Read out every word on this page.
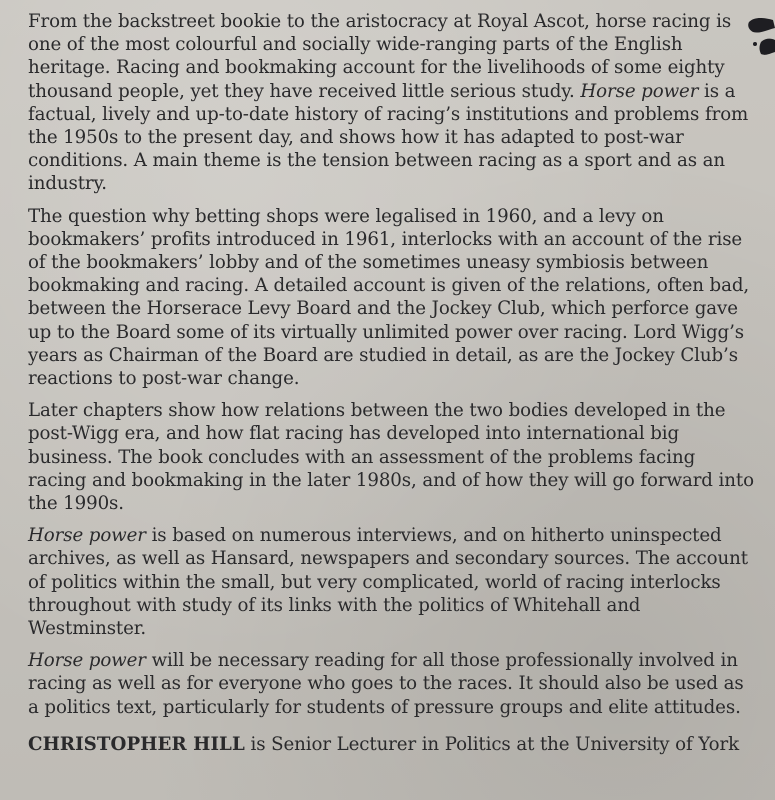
From the backstreet bookie to the aristocracy at Royal Ascot, horse racing is one of the most colourful and socially wide-ranging parts of the English heritage. Racing and bookmaking account for the livelihoods of some eighty thousand people, yet they have received little serious study. Horse power is a factual, lively and up-to-date history of racing’s institutions and problems from the 1950s to the present day, and shows how it has adapted to post-war conditions. A main theme is the tension between racing as a sport and as an industry.

The question why betting shops were legalised in 1960, and a levy on bookmakers’ profits introduced in 1961, interlocks with an account of the rise of the bookmakers’ lobby and of the sometimes uneasy symbiosis between bookmaking and racing. A detailed account is given of the relations, often bad, between the Horserace Levy Board and the Jockey Club, which perforce gave up to the Board some of its virtually unlimited power over racing. Lord Wigg’s years as Chairman of the Board are studied in detail, as are the Jockey Club’s reactions to post-war change.

Later chapters show how relations between the two bodies developed in the post-Wigg era, and how flat racing has developed into international big business. The book concludes with an assessment of the problems facing racing and bookmaking in the later 1980s, and of how they will go forward into the 1990s.

Horse power is based on numerous interviews, and on hitherto uninspected archives, as well as Hansard, newspapers and secondary sources. The account of politics within the small, but very complicated, world of racing interlocks throughout with study of its links with the politics of Whitehall and Westminster.

Horse power will be necessary reading for all those professionally involved in racing as well as for everyone who goes to the races. It should also be used as a politics text, particularly for students of pressure groups and elite attitudes.

CHRISTOPHER HILL is Senior Lecturer in Politics at the University of York
